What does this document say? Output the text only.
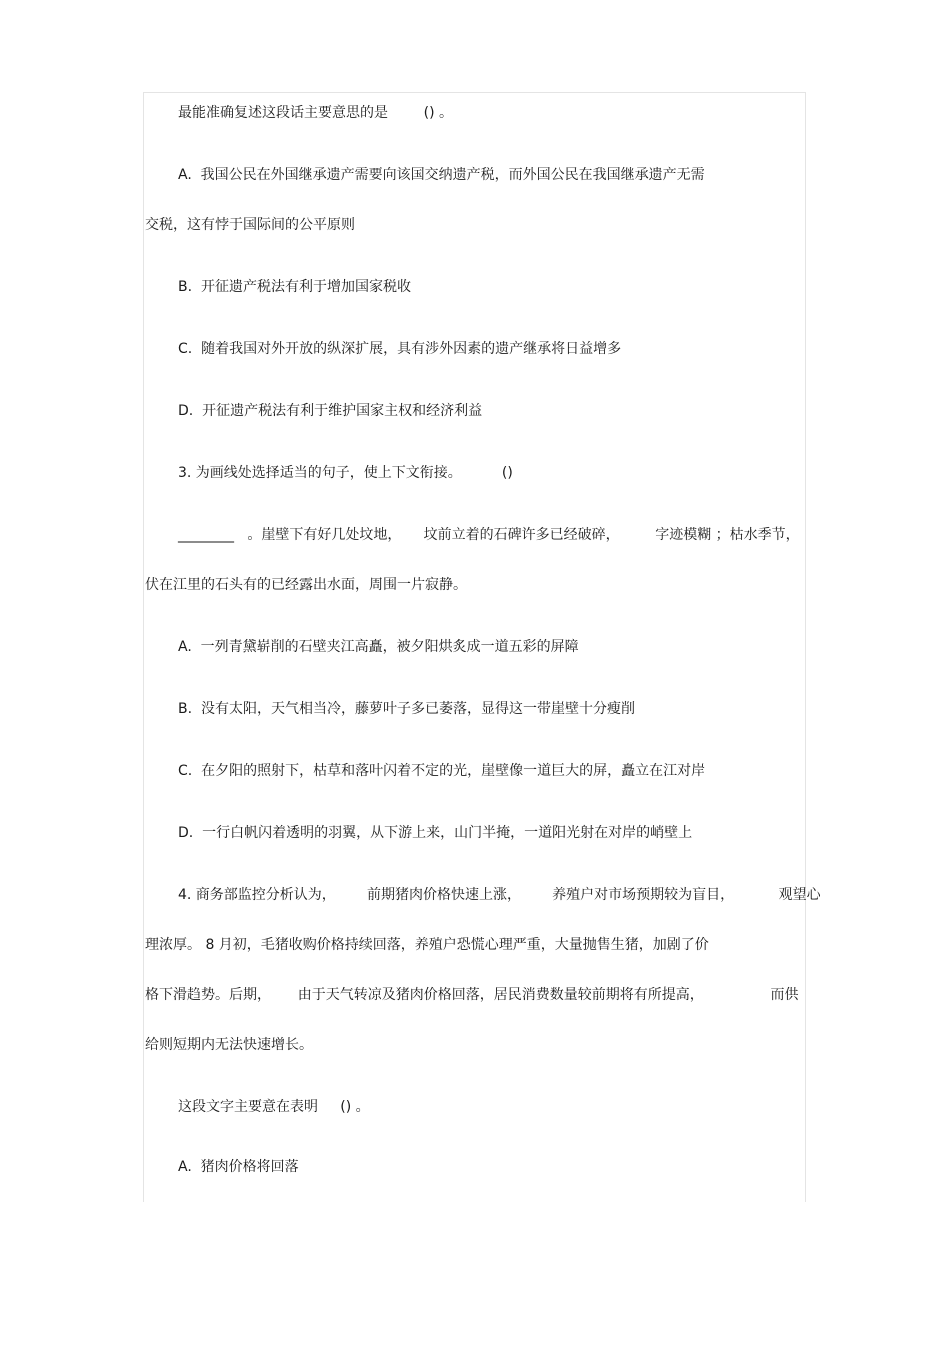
最能准确复述这段话主要意思的是        () 。
A.  我国公民在外国继承遗产需要向该国交纳遗产税，而外国公民在我国继承遗产无需
交税，这有悖于国际间的公平原则
B.  开征遗产税法有利于增加国家税收
C.  随着我国对外开放的纵深扩展，具有涉外因素的遗产继承将日益增多
D.  开征遗产税法有利于维护国家主权和经济利益
3. 为画线处选择适当的句子，使上下文衔接。         ()
________   。崖壁下有好几处坟地，     坟前立着的石碑许多已经破碎，        字迹模糊 ；枯水季节，
伏在江里的石头有的已经露出水面，周围一片寂静。
A.  一列青黛崭削的石壁夹江高矗，被夕阳烘炙成一道五彩的屏障
B.  没有太阳，天气相当冷，藤萝叶子多已萎落，显得这一带崖壁十分瘦削
C.  在夕阳的照射下，枯草和落叶闪着不定的光，崖壁像一道巨大的屏，矗立在江对岸
D.  一行白帆闪着透明的羽翼，从下游上来，山门半掩，一道阳光射在对岸的峭壁上
4. 商务部监控分析认为，       前期猪肉价格快速上涨，       养殖户对市场预期较为盲目，          观望心
理浓厚。 8 月初，毛猪收购价格持续回落，养殖户恐慌心理严重，大量抛售生猪，加剧了价
格下滑趋势。后期，      由于天气转凉及猪肉价格回落，居民消费数量较前期将有所提高，               而供
给则短期内无法快速增长。
这段文字主要意在表明     () 。
A.  猪肉价格将回落
